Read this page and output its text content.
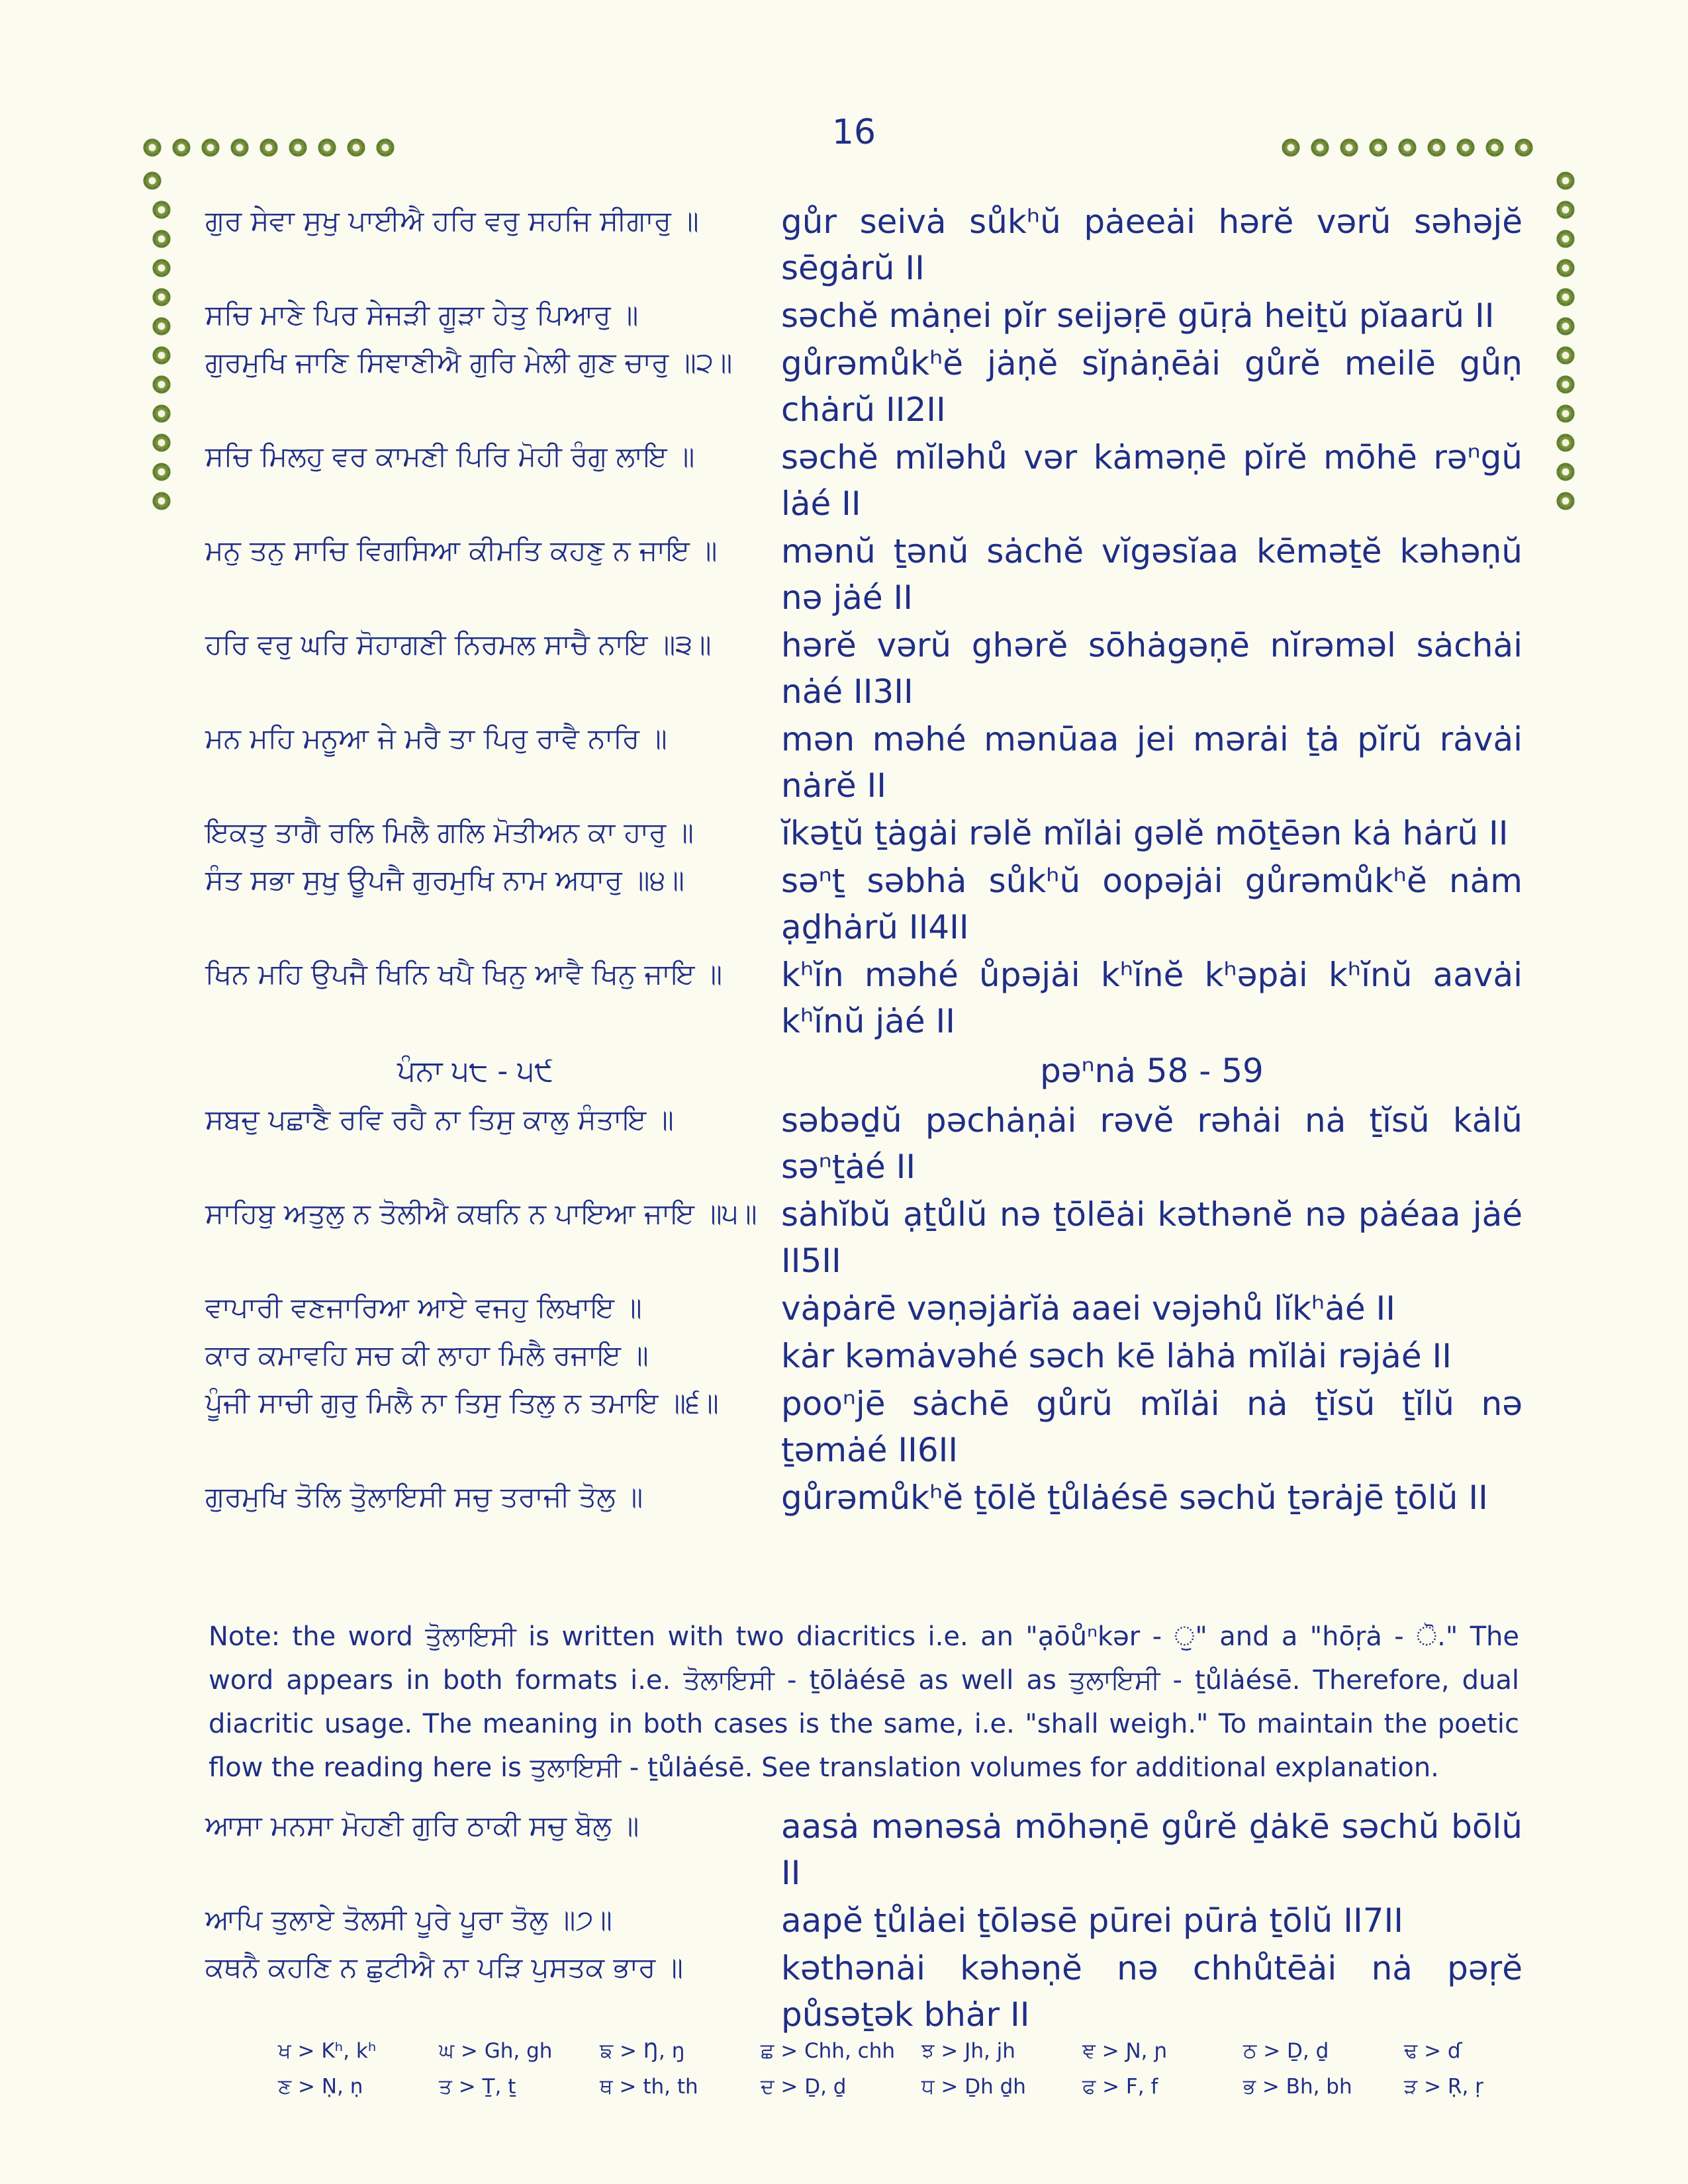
16
ਗੁਰ ਸੇਵਾ ਸੁਖੁ ਪਾਈਐ ਹਰਿ ਵਰੁ ਸਹਜਿ ਸੀਗਾਰੁ ॥	gůr seivȧ sůkʰŭ pȧeeȧi hərĕ vərŭ səhəjĕ sēgȧrŭ II
ਸਚਿ ਮਾਣੇ ਪਿਰ ਸੇਜੜੀ ਗੂੜਾ ਹੇਤੁ ਪਿਆਰੁ ॥	səchĕ mȧṇei pĭr seijəṛē gūṛȧ heiṯŭ pĭaarŭ II
ਗੁਰਮੁਖਿ ਜਾਣਿ ਸਿਞਾਣੀਐ ਗੁਰਿ ਮੇਲੀ ਗੁਣ ਚਾਰੁ ॥੨॥	gůrəmůkʰĕ jȧṇĕ sĭɲȧṇēȧi gůrĕ meilē gůṇ chȧrŭ II2II
ਸਚਿ ਮਿਲਹੁ ਵਰ ਕਾਮਣੀ ਪਿਰਿ ਮੋਹੀ ਰੰਗੁ ਲਾਇ ॥	səchĕ mĭləhů vər kȧməṇē pĭrĕ mōhē rəⁿgŭ lȧé II
ਮਨੁ ਤਨੁ ਸਾਚਿ ਵਿਗਸਿਆ ਕੀਮਤਿ ਕਹਣੁ ਨ ਜਾਇ ॥	mənŭ ṯənŭ sȧchĕ vĭgəsĭaa kēməṯĕ kəhəṇŭ nə jȧé II
ਹਰਿ ਵਰੁ ਘਰਿ ਸੋਹਾਗਣੀ ਨਿਰਮਲ ਸਾਚੈ ਨਾਇ ॥੩॥	hərĕ vərŭ ghərĕ sōhȧgəṇē nĭrəməl sȧchȧi nȧé II3II
ਮਨ ਮਹਿ ਮਨੂਆ ਜੇ ਮਰੈ ਤਾ ਪਿਰੁ ਰਾਵੈ ਨਾਰਿ ॥	mən məhé mənūaa jei mərȧi ṯȧ pĭrŭ rȧvȧi nȧrĕ II
ਇਕਤੁ ਤਾਗੈ ਰਲਿ ਮਿਲੈ ਗਲਿ ਮੋਤੀਅਨ ਕਾ ਹਾਰੁ ॥	ĭkəṯŭ ṯȧgȧi rəlĕ mĭlȧi gəlĕ mōṯēən kȧ hȧrŭ II
ਸੰਤ ਸਭਾ ਸੁਖੁ ਊਪਜੈ ਗੁਰਮੁਖਿ ਨਾਮ ਅਧਾਰੁ ॥੪॥	səⁿṯ səbhȧ sůkʰŭ oopəjȧi gůrəmůkʰĕ nȧm ạḏhȧrŭ II4II
ਖਿਨ ਮਹਿ ਉਪਜੈ ਖਿਨਿ ਖਪੈ ਖਿਨੁ ਆਵੈ ਖਿਨੁ ਜਾਇ ॥	kʰĭn məhé ůpəjȧi kʰĭnĕ kʰəpȧi kʰĭnŭ aavȧi kʰĭnŭ jȧé II
ਪੰਨਾ ੫੮ - ੫੯	pəⁿnȧ 58 - 59
ਸਬਦੁ ਪਛਾਣੈ ਰਵਿ ਰਹੈ ਨਾ ਤਿਸੁ ਕਾਲੁ ਸੰਤਾਇ ॥	səbəḏŭ pəchȧṇȧi rəvĕ rəhȧi nȧ ṯĭsŭ kȧlŭ səⁿṯȧé II
ਸਾਹਿਬੁ ਅਤੁਲੁ ਨ ਤੋਲੀਐ ਕਥਨਿ ਨ ਪਾਇਆ ਜਾਇ ॥੫॥ sȧhĭbŭ ạṯůlŭ nə ṯōlēȧi kəthənĕ nə pȧéaa jȧé II5II
ਵਾਪਾਰੀ ਵਣਜਾਰਿਆ ਆਏ ਵਜਹੁ ਲਿਖਾਇ ॥	vȧpȧrē vəṇəjȧrĭȧ aaei vəjəhů lĭkʰȧé II
ਕਾਰ ਕਮਾਵਹਿ ਸਚ ਕੀ ਲਾਹਾ ਮਿਲੈ ਰਜਾਇ ॥	kȧr kəmȧvəhé səch kē lȧhȧ mĭlȧi rəjȧé II
ਪੂੰਜੀ ਸਾਚੀ ਗੁਰੁ ਮਿਲੈ ਨਾ ਤਿਸੁ ਤਿਲੁ ਨ ਤਮਾਇ ॥੬॥	pooⁿjē sȧchē gůrŭ mĭlȧi nȧ ṯĭsŭ ṯĭlŭ nə ṯəmȧé II6II
ਗੁਰਮੁਖਿ ਤੋਲਿ ਤੁੋਲਾਇਸੀ ਸਚੁ ਤਰਾਜੀ ਤੋਲੁ ॥	gůrəmůkʰĕ ṯōlĕ ṯůlȧésē səchŭ ṯərȧjē ṯōlŭ II
Note: the word ਤੁੋਲਾਇਸੀ is written with two diacritics i.e. an "ạōůⁿkər - ੁ" and a "hōṛȧ - ੋ." The word appears in both formats i.e. ਤੋਲਾਇਸੀ - ṯōlȧésē as well as ਤੁਲਾਇਸੀ - ṯůlȧésē. Therefore, dual diacritic usage. The meaning in both cases is the same, i.e. "shall weigh." To maintain the poetic flow the reading here is ਤੁਲਾਇਸੀ - ṯůlȧésē. See translation volumes for additional explanation.
ਆਸਾ ਮਨਸਾ ਮੋਹਣੀ ਗੁਰਿ ਠਾਕੀ ਸਚੁ ਬੋਲੁ ॥	aasȧ mənəsȧ mōhəṇē gůrĕ ḏȧkē səchŭ bōlŭ II
ਆਪਿ ਤੁਲਾਏ ਤੋਲਸੀ ਪੂਰੇ ਪੂਰਾ ਤੋਲੁ ॥੭॥	aapĕ ṯůlȧei ṯōləsē pūrei pūrȧ ṯōlŭ II7II
ਕਥਨੈ ਕਹਣਿ ਨ ਛੁਟੀਐ ਨਾ ਪੜਿ ਪੁਸਤਕ ਭਾਰ ॥	kəthənȧi kəhəṇĕ nə chhůtēȧi nȧ pəṛĕ půsəṯək bhȧr II
ਖ > Kʰ, kʰ	ਘ > Gh, gh	ਙ > Ŋ, ŋ	ਛ > Chh, chh	ਝ > Jh, jh	ਞ > Ɲ, ɲ	ਠ > Ḏ, ḏ	ਢ > ɗ
ਣ > Ṇ, ṇ	ਤ > Ṯ, ṯ	ਥ > th, th	ਦ > Ḏ, ḏ	ਧ > Ḏh ḏh	ਫ > F, f	ਭ > Bh, bh	ੜ > Ṛ, ṛ
